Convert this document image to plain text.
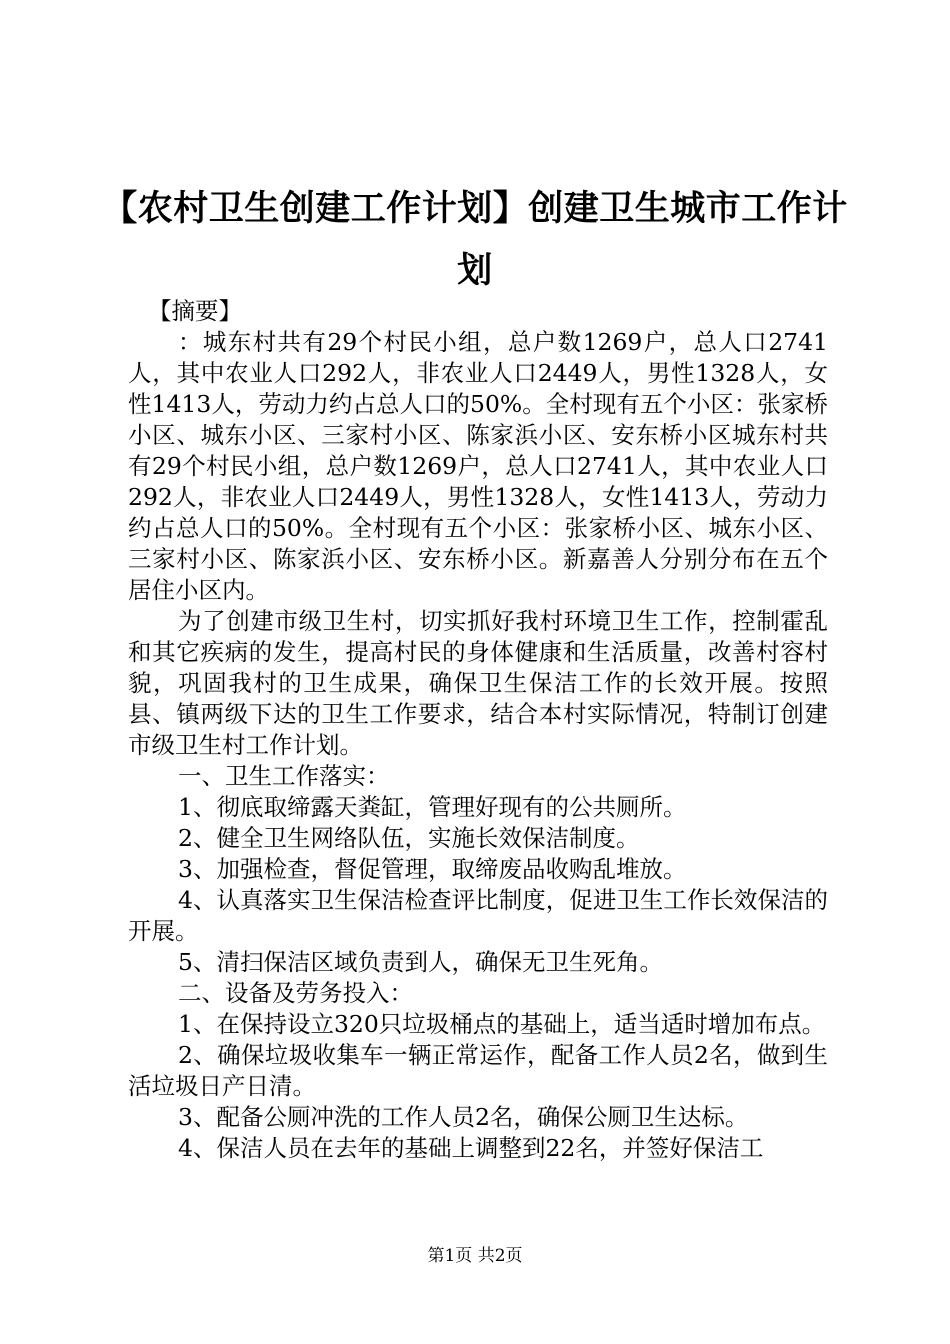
【农村卫生创建工作计划】创建卫生城市工作计划

【摘要】

：城东村共有29个村民小组，总户数1269户，总人口2741人，其中农业人口292人，非农业人口2449人，男性1328人，女性1413人，劳动力约占总人口的50%。全村现有五个小区：张家桥小区、城东小区、三家村小区、陈家浜小区、安东桥小区城东村共有29个村民小组，总户数1269户，总人口2741人，其中农业人口292人，非农业人口2449人，男性1328人，女性1413人，劳动力约占总人口的50%。全村现有五个小区：张家桥小区、城东小区、三家村小区、陈家浜小区、安东桥小区。新嘉善人分别分布在五个居住小区内。

为了创建市级卫生村，切实抓好我村环境卫生工作，控制霍乱和其它疾病的发生，提高村民的身体健康和生活质量，改善村容村貌，巩固我村的卫生成果，确保卫生保洁工作的长效开展。按照县、镇两级下达的卫生工作要求，结合本村实际情况，特制订创建市级卫生村工作计划。

一、卫生工作落实：

1、彻底取缔露天粪缸，管理好现有的公共厕所。

2、健全卫生网络队伍，实施长效保洁制度。

3、加强检查，督促管理，取缔废品收购乱堆放。

4、认真落实卫生保洁检查评比制度，促进卫生工作长效保洁的开展。

5、清扫保洁区域负责到人，确保无卫生死角。

二、设备及劳务投入：

1、在保持设立320只垃圾桶点的基础上，适当适时增加布点。

2、确保垃圾收集车一辆正常运作，配备工作人员2名，做到生活垃圾日产日清。

3、配备公厕冲洗的工作人员2名，确保公厕卫生达标。

4、保洁人员在去年的基础上调整到22名，并签好保洁工

第1页 共2页
